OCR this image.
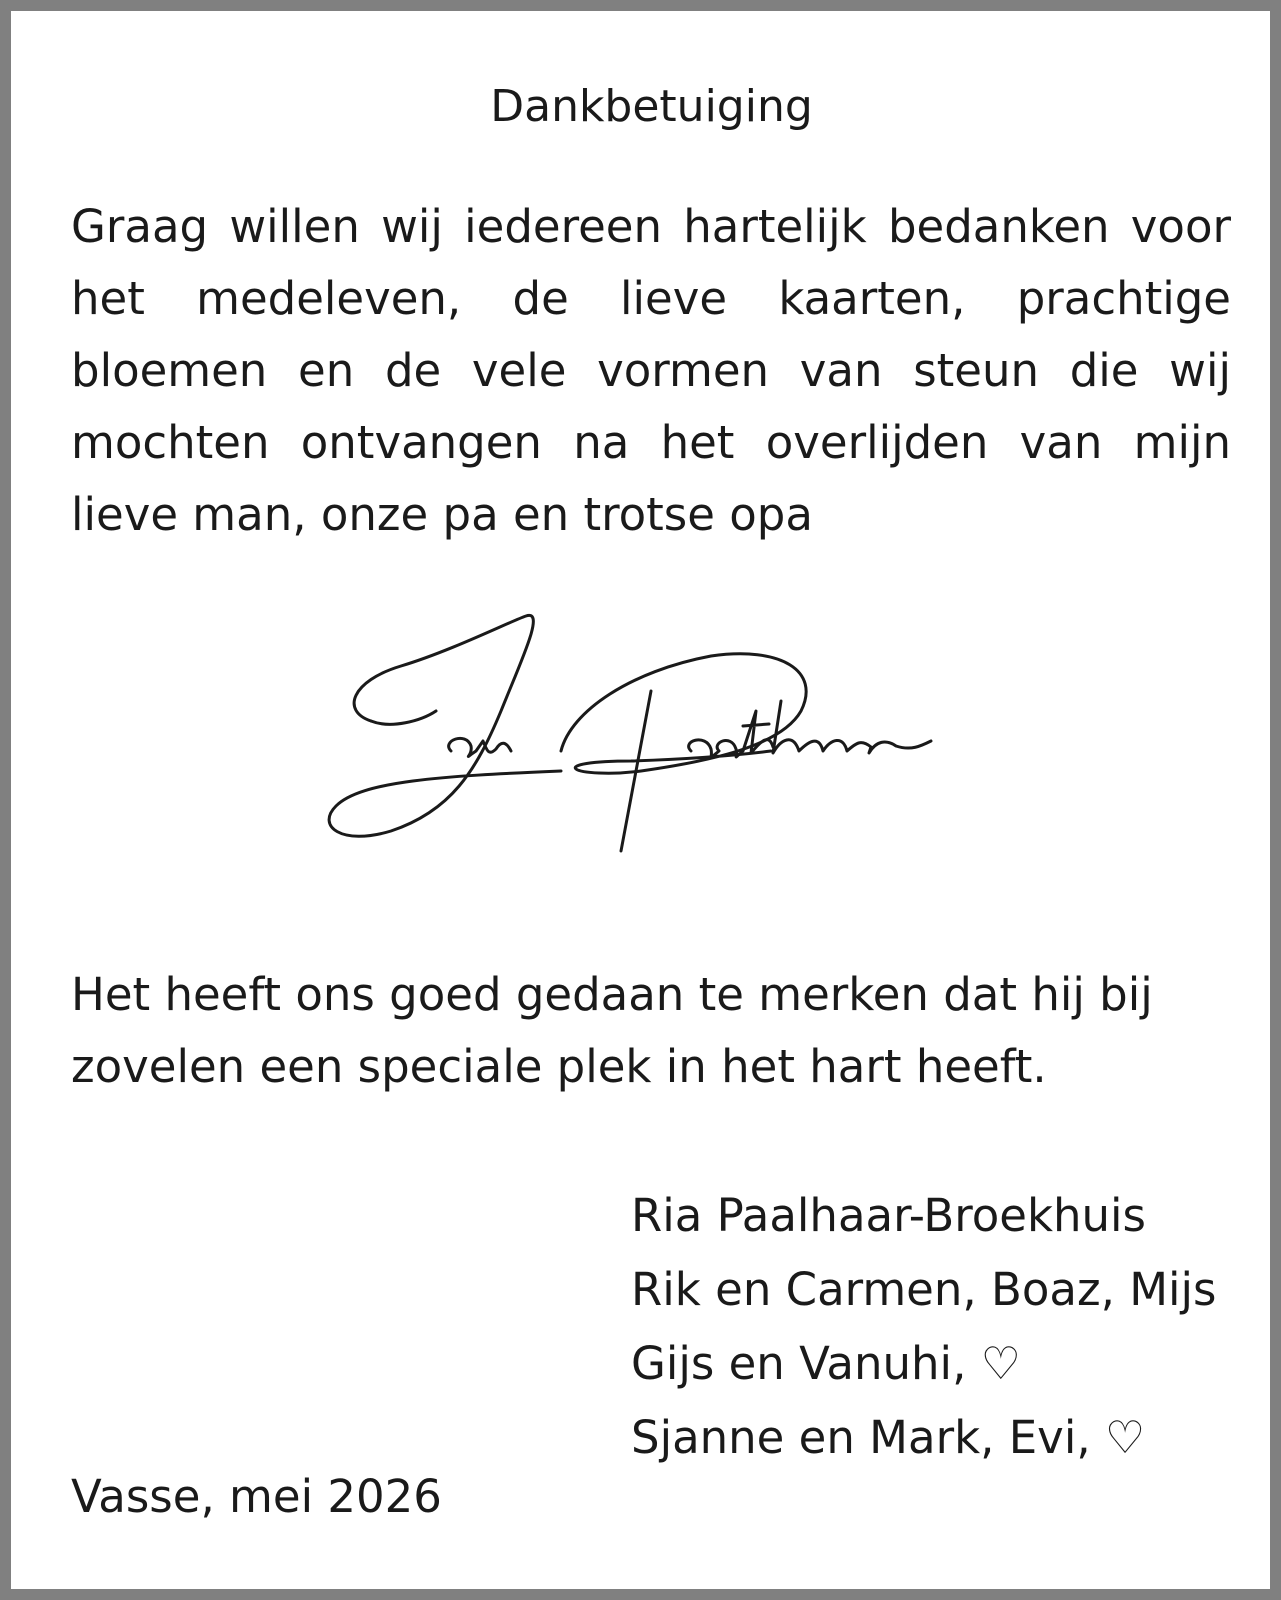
Dankbetuiging

Graag willen wij iedereen hartelijk bedanken voor het medeleven, de lieve kaarten, prachtige bloemen en de vele vormen van steun die wij mochten ontvangen na het overlijden van mijn lieve man, onze pa en trotse opa

Het heeft ons goed gedaan te merken dat hij bij zovelen een speciale plek in het hart heeft.

Ria Paalhaar-Broekhuis
Rik en Carmen, Boaz, Mijs
Gijs en Vanuhi, ♡
Sjanne en Mark, Evi, ♡

Vasse, mei 2026
